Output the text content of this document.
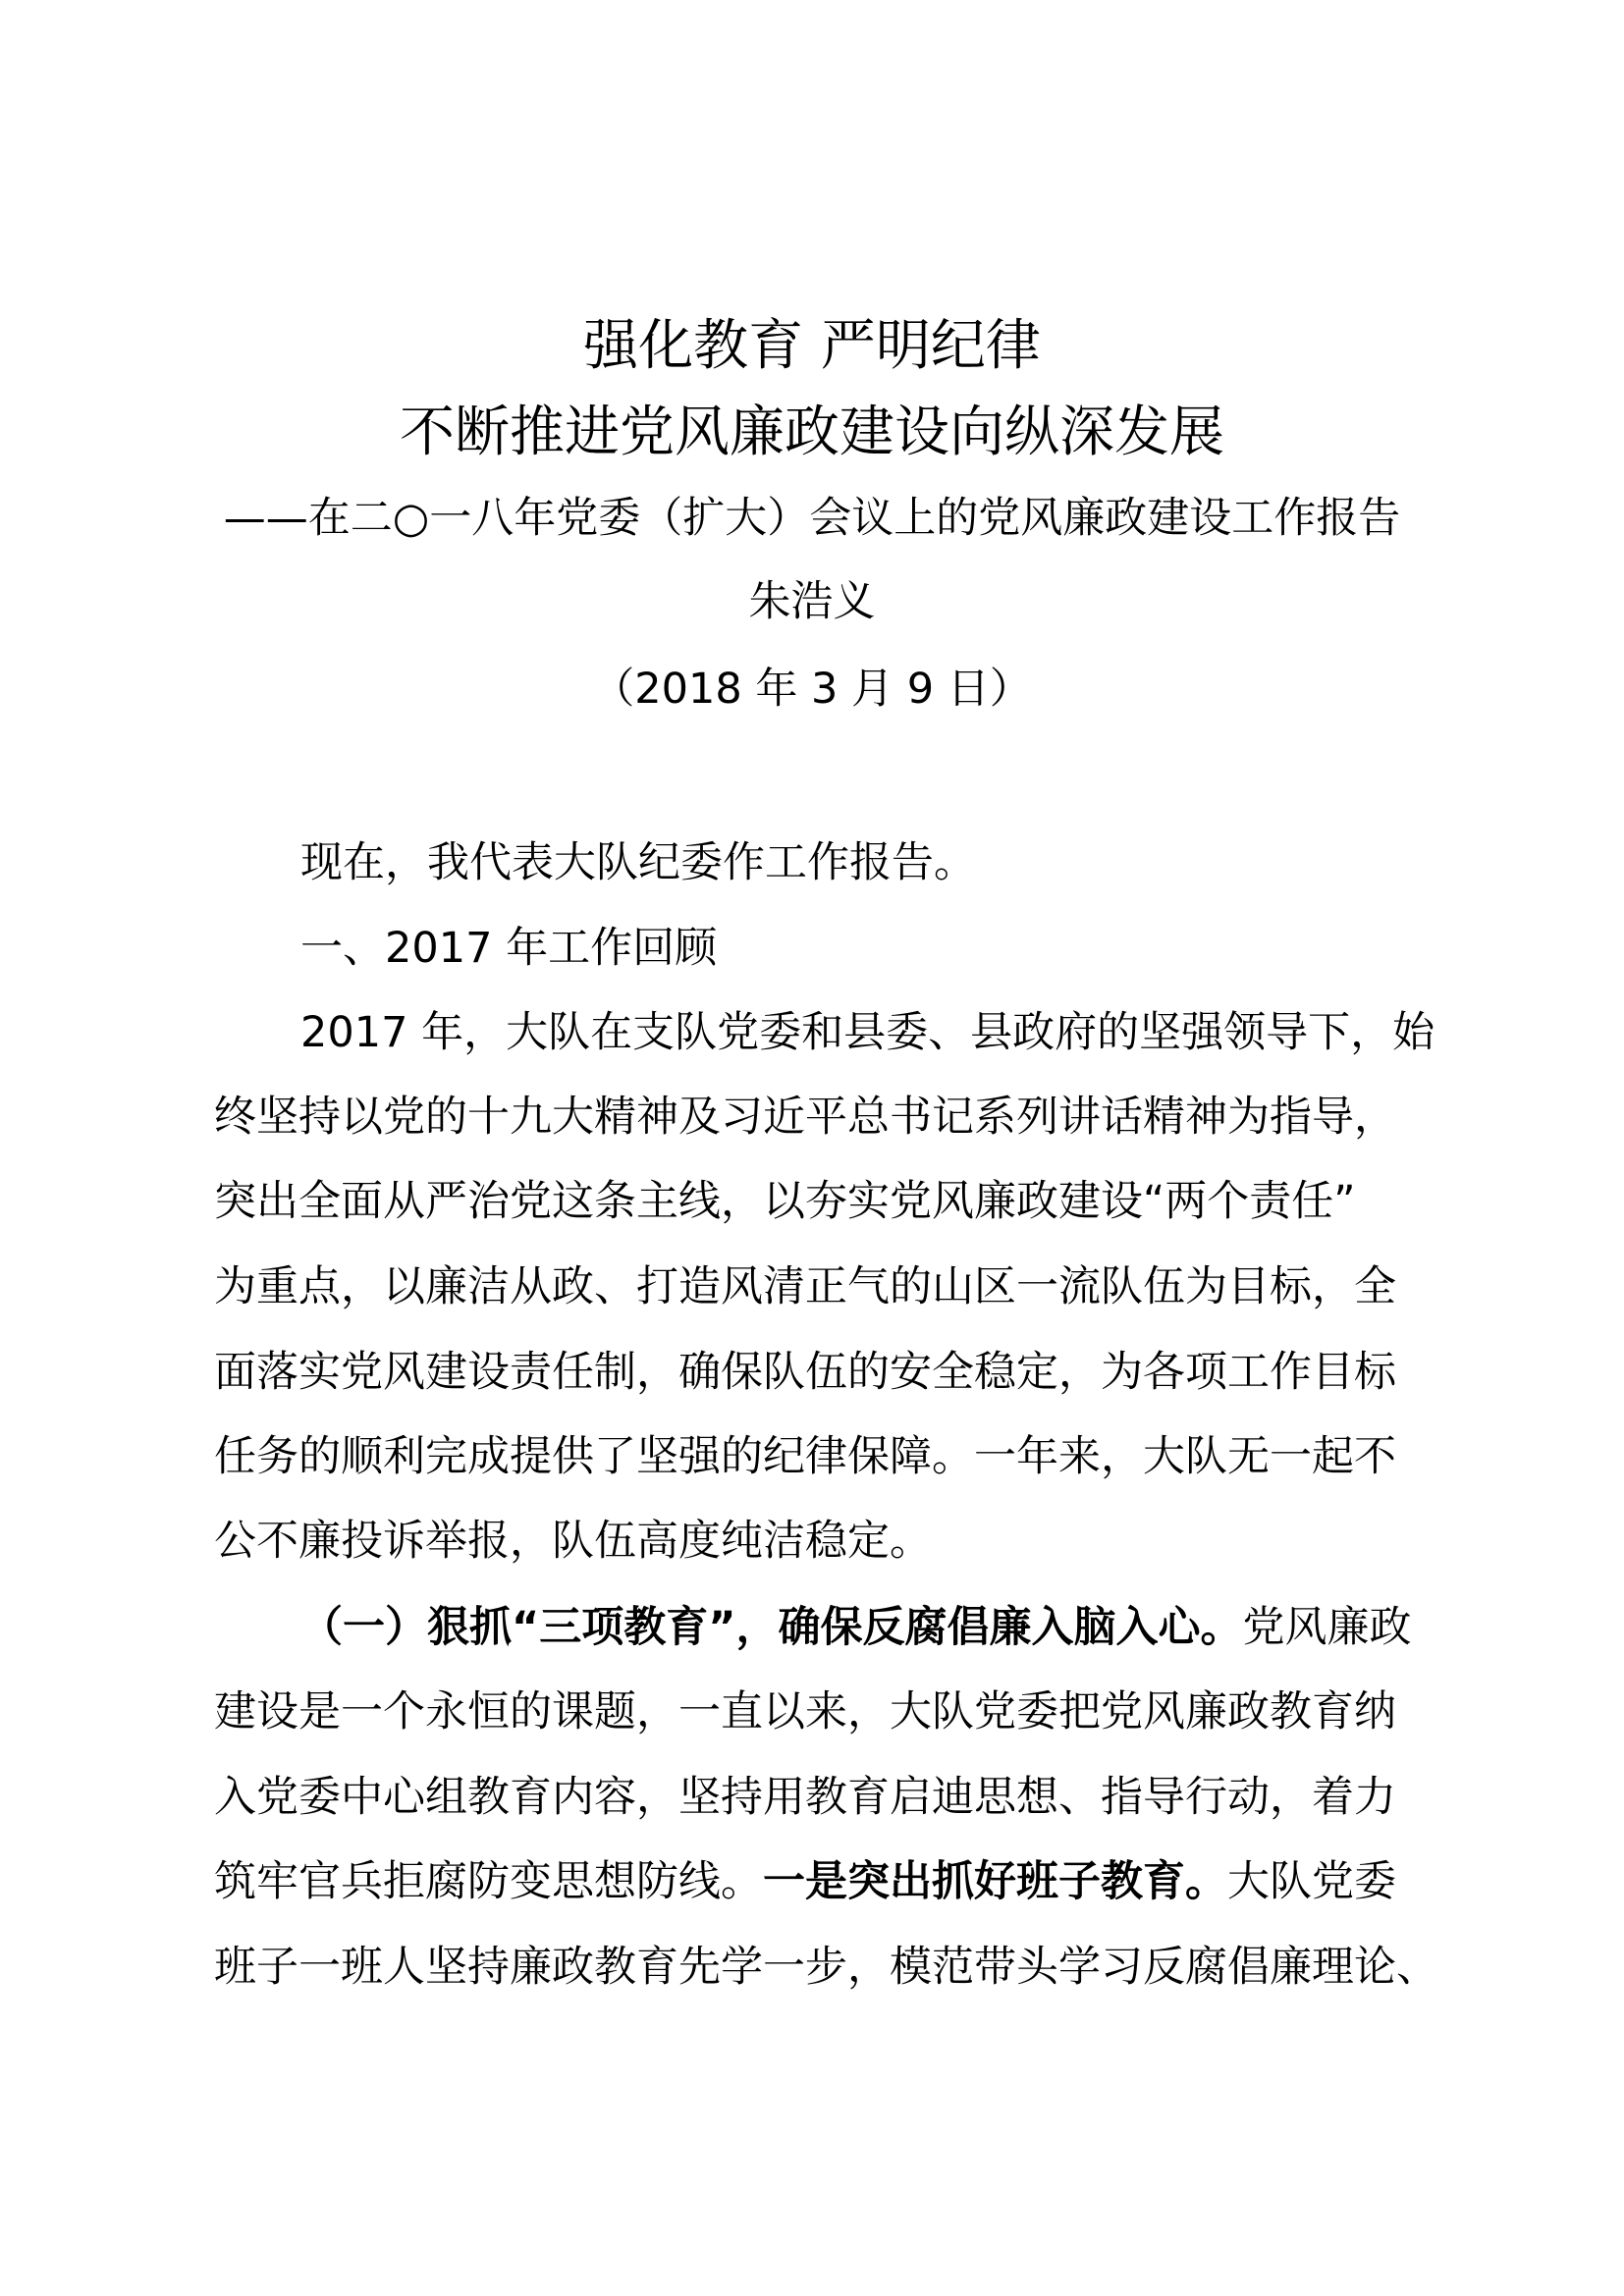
强化教育 严明纪律
不断推进党风廉政建设向纵深发展
——在二○一八年党委（扩大）会议上的党风廉政建设工作报告
朱浩义
（2018 年 3 月 9 日）
现在，我代表大队纪委作工作报告。
一、2017 年工作回顾
2017 年，大队在支队党委和县委、县政府的坚强领导下，始
终坚持以党的十九大精神及习近平总书记系列讲话精神为指导，
突出全面从严治党这条主线，以夯实党风廉政建设“两个责任”
为重点，以廉洁从政、打造风清正气的山区一流队伍为目标，全
面落实党风建设责任制，确保队伍的安全稳定，为各项工作目标
任务的顺利完成提供了坚强的纪律保障。一年来，大队无一起不
公不廉投诉举报，队伍高度纯洁稳定。
（一）狠抓“三项教育”，确保反腐倡廉入脑入心。党风廉政
建设是一个永恒的课题，一直以来，大队党委把党风廉政教育纳
入党委中心组教育内容，坚持用教育启迪思想、指导行动，着力
筑牢官兵拒腐防变思想防线。一是突出抓好班子教育。大队党委
班子一班人坚持廉政教育先学一步，模范带头学习反腐倡廉理论、
